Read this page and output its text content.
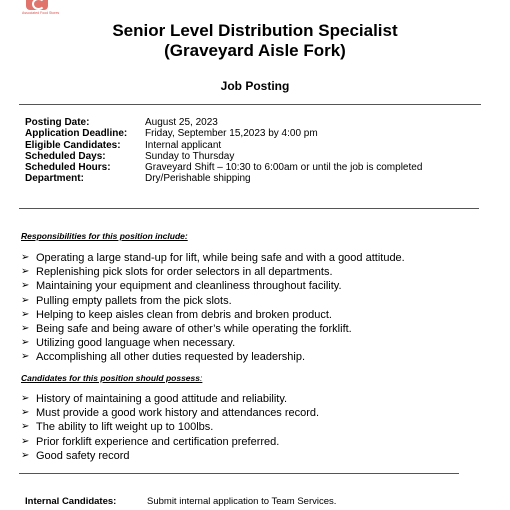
Associated Food Stores
Senior Level Distribution Specialist
(Graveyard Aisle Fork)
Job Posting
Posting Date:	August 25, 2023
Application Deadline:	Friday, September 15,2023 by 4:00 pm
Eligible Candidates:	Internal applicant
Scheduled Days:	Sunday to Thursday
Scheduled Hours:	Graveyard Shift – 10:30 to 6:00am or until the job is completed
Department:	Dry/Perishable shipping
Responsibilities for this position include:
➢ Operating a large stand-up for lift, while being safe and with a good attitude.
➢ Replenishing pick slots for order selectors in all departments.
➢ Maintaining your equipment and cleanliness throughout facility.
➢ Pulling empty pallets from the pick slots.
➢ Helping to keep aisles clean from debris and broken product.
➢ Being safe and being aware of other’s while operating the forklift.
➢ Utilizing good language when necessary.
➢ Accomplishing all other duties requested by leadership.
Candidates for this position should possess:
➢ History of maintaining a good attitude and reliability.
➢ Must provide a good work history and attendances record.
➢ The ability to lift weight up to 100lbs.
➢ Prior forklift experience and certification preferred.
➢ Good safety record
Internal Candidates:	Submit internal application to Team Services.
